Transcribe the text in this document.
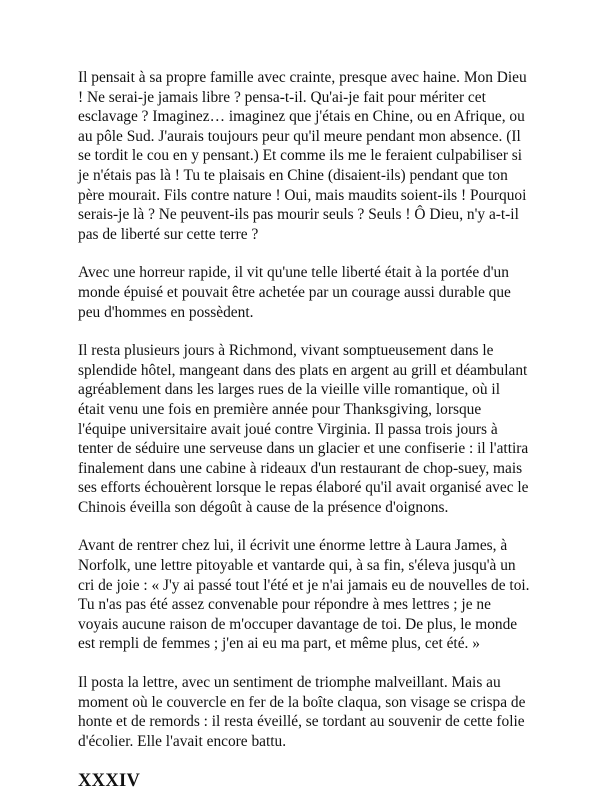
Il pensait à sa propre famille avec crainte, presque avec haine. Mon Dieu ! Ne serai-je jamais libre ? pensa-t-il. Qu'ai-je fait pour mériter cet esclavage ? Imaginez… imaginez que j'étais en Chine, ou en Afrique, ou au pôle Sud. J'aurais toujours peur qu'il meure pendant mon absence. (Il se tordit le cou en y pensant.) Et comme ils me le feraient culpabiliser si je n'étais pas là ! Tu te plaisais en Chine (disaient-ils) pendant que ton père mourait. Fils contre nature ! Oui, mais maudits soient-ils ! Pourquoi serais-je là ? Ne peuvent-ils pas mourir seuls ? Seuls ! Ô Dieu, n'y a-t-il pas de liberté sur cette terre ?

Avec une horreur rapide, il vit qu'une telle liberté était à la portée d'un monde épuisé et pouvait être achetée par un courage aussi durable que peu d'hommes en possèdent.

Il resta plusieurs jours à Richmond, vivant somptueusement dans le splendide hôtel, mangeant dans des plats en argent au grill et déambulant agréablement dans les larges rues de la vieille ville romantique, où il était venu une fois en première année pour Thanksgiving, lorsque l'équipe universitaire avait joué contre Virginia. Il passa trois jours à tenter de séduire une serveuse dans un glacier et une confiserie : il l'attira finalement dans une cabine à rideaux d'un restaurant de chop-suey, mais ses efforts échouèrent lorsque le repas élaboré qu'il avait organisé avec le Chinois éveilla son dégoût à cause de la présence d'oignons.

Avant de rentrer chez lui, il écrivit une énorme lettre à Laura James, à Norfolk, une lettre pitoyable et vantarde qui, à sa fin, s'éleva jusqu'à un cri de joie : « J'y ai passé tout l'été et je n'ai jamais eu de nouvelles de toi. Tu n'as pas été assez convenable pour répondre à mes lettres ; je ne voyais aucune raison de m'occuper davantage de toi. De plus, le monde est rempli de femmes ; j'en ai eu ma part, et même plus, cet été. »

Il posta la lettre, avec un sentiment de triomphe malveillant. Mais au moment où le couvercle en fer de la boîte claqua, son visage se crispa de honte et de remords : il resta éveillé, se tordant au souvenir de cette folie d'écolier. Elle l'avait encore battu.

XXXIV
